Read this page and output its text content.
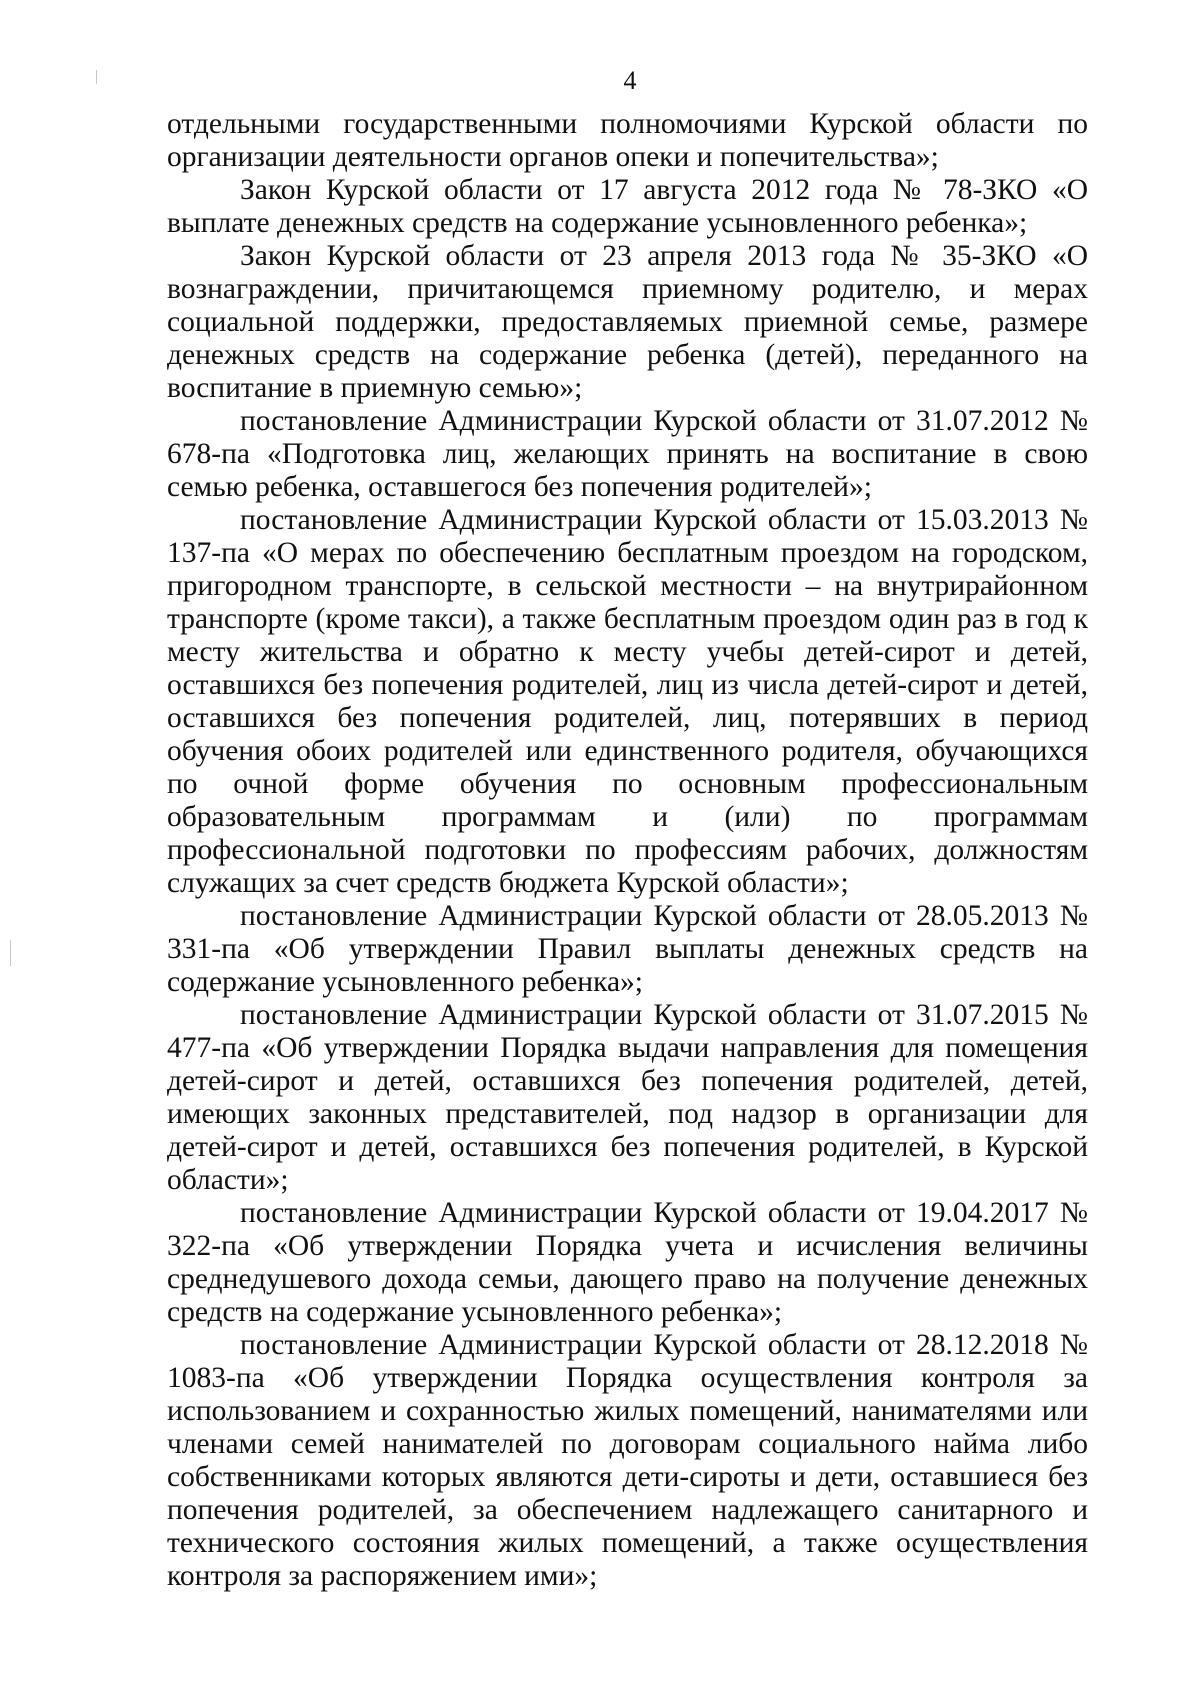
4

отдельными государственными полномочиями Курской области по организации деятельности органов опеки и попечительства»;

Закон Курской области от 17 августа 2012 года № 78-ЗКО «О выплате денежных средств на содержание усыновленного ребенка»;

Закон Курской области от 23 апреля 2013 года № 35-ЗКО «О вознаграждении, причитающемся приемному родителю, и мерах социальной поддержки, предоставляемых приемной семье, размере денежных средств на содержание ребенка (детей), переданного на воспитание в приемную семью»;

постановление Администрации Курской области от 31.07.2012 № 678-па «Подготовка лиц, желающих принять на воспитание в свою семью ребенка, оставшегося без попечения родителей»;

постановление Администрации Курской области от 15.03.2013 № 137-па «О мерах по обеспечению бесплатным проездом на городском, пригородном транспорте, в сельской местности – на внутрирайонном транспорте (кроме такси), а также бесплатным проездом один раз в год к месту жительства и обратно к месту учебы детей-сирот и детей, оставшихся без попечения родителей, лиц из числа детей-сирот и детей, оставшихся без попечения родителей, лиц, потерявших в период обучения обоих родителей или единственного родителя, обучающихся по очной форме обучения по основным профессиональным образовательным программам и (или) по программам профессиональной подготовки по профессиям рабочих, должностям служащих за счет средств бюджета Курской области»;

постановление Администрации Курской области от 28.05.2013 № 331-па «Об утверждении Правил выплаты денежных средств на содержание усыновленного ребенка»;

постановление Администрации Курской области от 31.07.2015 № 477-па «Об утверждении Порядка выдачи направления для помещения детей-сирот и детей, оставшихся без попечения родителей, детей, имеющих законных представителей, под надзор в организации для детей-сирот и детей, оставшихся без попечения родителей, в Курской области»;

постановление Администрации Курской области от 19.04.2017 № 322-па «Об утверждении Порядка учета и исчисления величины среднедушевого дохода семьи, дающего право на получение денежных средств на содержание усыновленного ребенка»;

постановление Администрации Курской области от 28.12.2018 № 1083-па «Об утверждении Порядка осуществления контроля за использованием и сохранностью жилых помещений, нанимателями или членами семей нанимателей по договорам социального найма либо собственниками которых являются дети-сироты и дети, оставшиеся без попечения родителей, за обеспечением надлежащего санитарного и технического состояния жилых помещений, а также осуществления контроля за распоряжением ими»;
